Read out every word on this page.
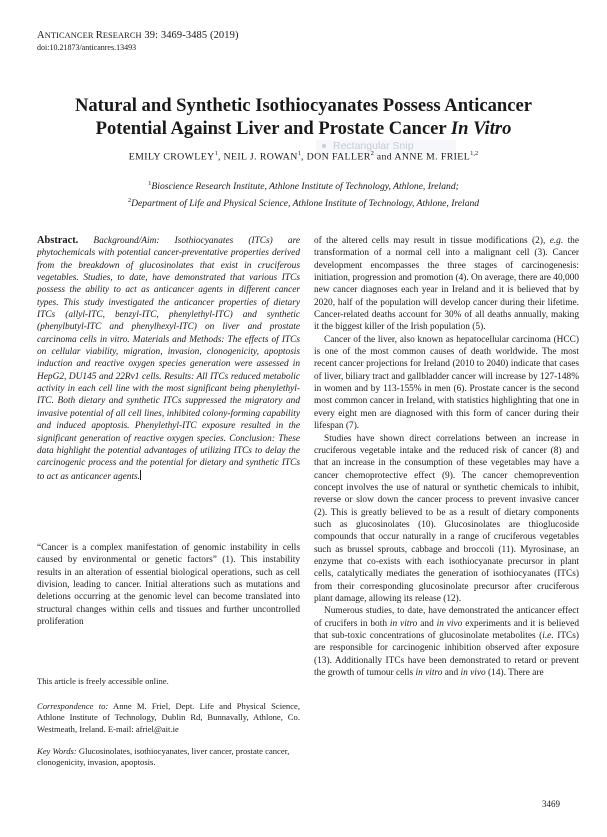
ANTICANCER RESEARCH 39: 3469-3485 (2019)
doi:10.21873/anticanres.13493
Natural and Synthetic Isothiocyanates Possess Anticancer
Potential Against Liver and Prostate Cancer In Vitro
Rectangular Snip
EMILY CROWLEY$^1$, NEIL J. ROWAN$^1$, DON FALLER$^2$ and ANNE M. FRIEL$^{1,2}$
$^1$Bioscience Research Institute, Athlone Institute of Technology, Athlone, Ireland;
$^2$Department of Life and Physical Science, Athlone Institute of Technology, Athlone, Ireland

Abstract. Background/Aim: Isothiocyanates (ITCs) are phytochemicals with potential cancer-preventative properties derived from the breakdown of glucosinolates that exist in cruciferous vegetables. Studies, to date, have demonstrated that various ITCs possess the ability to act as anticancer agents in different cancer types. This study investigated the anticancer properties of dietary ITCs (allyl-ITC, benzyl-ITC, phenylethyl-ITC) and synthetic (phenylbutyl-ITC and phenylhexyl-ITC) on liver and prostate carcinoma cells in vitro. Materials and Methods: The effects of ITCs on cellular viability, migration, invasion, clonogenicity, apoptosis induction and reactive oxygen species generation were assessed in HepG2, DU145 and 22Rv1 cells. Results: All ITCs reduced metabolic activity in each cell line with the most significant being phenylethyl-ITC. Both dietary and synthetic ITCs suppressed the migratory and invasive potential of all cell lines, inhibited colony-forming capability and induced apoptosis. Phenylethyl-ITC exposure resulted in the significant generation of reactive oxygen species. Conclusion: These data highlight the potential advantages of utilizing ITCs to delay the carcinogenic process and the potential for dietary and synthetic ITCs to act as anticancer agents.

“Cancer is a complex manifestation of genomic instability in cells caused by environmental or genetic factors” (1). This instability results in an alteration of essential biological operations, such as cell division, leading to cancer. Initial alterations such as mutations and deletions occurring at the genomic level can become translated into structural changes within cells and tissues and further uncontrolled proliferation

This article is freely accessible online.
Correspondence to: Anne M. Friel, Dept. Life and Physical Science, Athlone Institute of Technology, Dublin Rd, Bunnavally, Athlone, Co. Westmeath, Ireland. E-mail: afriel@ait.ie
Key Words: Glucosinolates, isothiocyanates, liver cancer, prostate cancer, clonogenicity, invasion, apoptosis.

of the altered cells may result in tissue modifications (2), e.g. the transformation of a normal cell into a malignant cell (3). Cancer development encompasses the three stages of carcinogenesis: initiation, progression and promotion (4). On average, there are 40,000 new cancer diagnoses each year in Ireland and it is believed that by 2020, half of the population will develop cancer during their lifetime. Cancer-related deaths account for 30% of all deaths annually, making it the biggest killer of the Irish population (5).

Cancer of the liver, also known as hepatocellular carcinoma (HCC) is one of the most common causes of death worldwide. The most recent cancer projections for Ireland (2010 to 2040) indicate that cases of liver, biliary tract and gallbladder cancer will increase by 127-148% in women and by 113-155% in men (6). Prostate cancer is the second most common cancer in Ireland, with statistics highlighting that one in every eight men are diagnosed with this form of cancer during their lifespan (7).

Studies have shown direct correlations between an increase in cruciferous vegetable intake and the reduced risk of cancer (8) and that an increase in the consumption of these vegetables may have a cancer chemoprotective effect (9). The cancer chemoprevention concept involves the use of natural or synthetic chemicals to inhibit, reverse or slow down the cancer process to prevent invasive cancer (2). This is greatly believed to be as a result of dietary components such as glucosinolates (10). Glucosinolates are thioglucoside compounds that occur naturally in a range of cruciferous vegetables such as brussel sprouts, cabbage and broccoli (11). Myrosinase, an enzyme that co-exists with each isothiocyanate precursor in plant cells, catalytically mediates the generation of isothiocyanates (ITCs) from their corresponding glucosinolate precursor after cruciferous plant damage, allowing its release (12).

Numerous studies, to date, have demonstrated the anticancer effect of crucifers in both in vitro and in vivo experiments and it is believed that sub-toxic concentrations of glucosinolate metabolites (i.e. ITCs) are responsible for carcinogenic inhibition observed after exposure (13). Additionally ITCs have been demonstrated to retard or prevent the growth of tumour cells in vitro and in vivo (14). There are

3469
